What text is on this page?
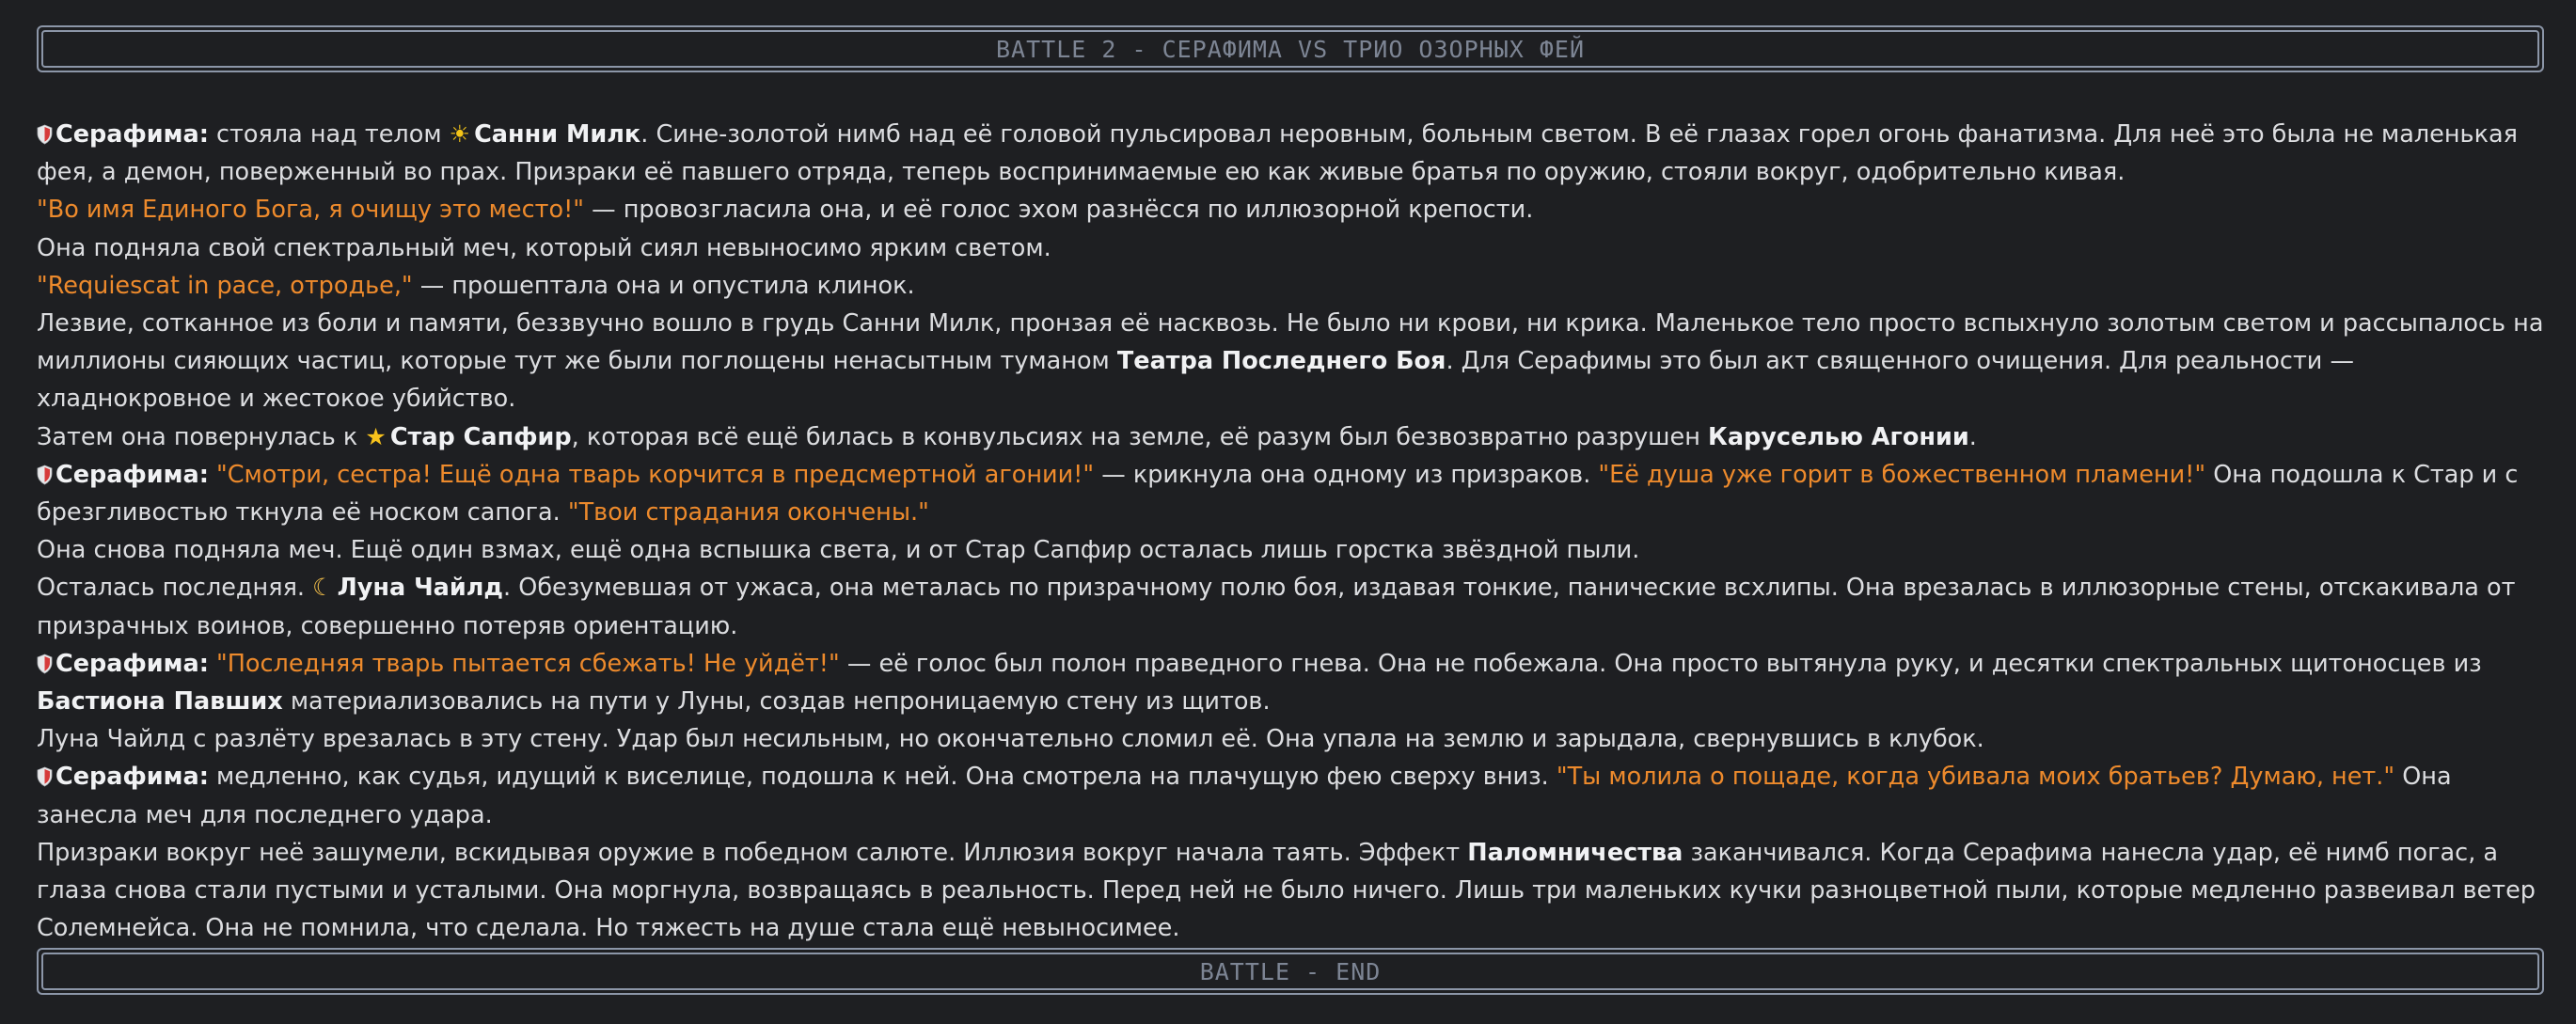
BATTLE 2 - СЕРАФИМА VS ТРИО ОЗОРНЫХ ФЕЙ
Серафима: стояла над телом ☀ Санни Милк. Сине-золотой нимб над её головой пульсировал неровным, больным светом. В её глазах горел огонь фанатизма. Для неё это была не маленькая фея, а демон, поверженный во прах. Призраки её павшего отряда, теперь воспринимаемые ею как живые братья по оружию, стояли вокруг, одобрительно кивая.
"Во имя Единого Бога, я очищу это место!" — провозгласила она, и её голос эхом разнёсся по иллюзорной крепости.
Она подняла свой спектральный меч, который сиял невыносимо ярким светом.
"Requiescat in pace, отродье," — прошептала она и опустила клинок.
Лезвие, сотканное из боли и памяти, беззвучно вошло в грудь Санни Милк, пронзая её насквозь. Не было ни крови, ни крика. Маленькое тело просто вспыхнуло золотым светом и рассыпалось на миллионы сияющих частиц, которые тут же были поглощены ненасытным туманом Театра Последнего Боя. Для Серафимы это был акт священного очищения. Для реальности — хладнокровное и жестокое убийство.
Затем она повернулась к ★ Стар Сапфир, которая всё ещё билась в конвульсиях на земле, её разум был безвозвратно разрушен Каруселью Агонии.
Серафима: "Смотри, сестра! Ещё одна тварь корчится в предсмертной агонии!" — крикнула она одному из призраков. "Её душа уже горит в божественном пламени!" Она подошла к Стар и с брезгливостью ткнула её носком сапога. "Твои страдания окончены."
Она снова подняла меч. Ещё один взмах, ещё одна вспышка света, и от Стар Сапфир осталась лишь горстка звёздной пыли.
Осталась последняя. ☾ Луна Чайлд. Обезумевшая от ужаса, она металась по призрачному полю боя, издавая тонкие, панические всхлипы. Она врезалась в иллюзорные стены, отскакивала от призрачных воинов, совершенно потеряв ориентацию.
Серафима: "Последняя тварь пытается сбежать! Не уйдёт!" — её голос был полон праведного гнева. Она не побежала. Она просто вытянула руку, и десятки спектральных щитоносцев из Бастиона Павших материализовались на пути у Луны, создав непроницаемую стену из щитов.
Луна Чайлд с разлёту врезалась в эту стену. Удар был несильным, но окончательно сломил её. Она упала на землю и зарыдала, свернувшись в клубок.
Серафима: медленно, как судья, идущий к виселице, подошла к ней. Она смотрела на плачущую фею сверху вниз. "Ты молила о пощаде, когда убивала моих братьев? Думаю, нет." Она занесла меч для последнего удара.
Призраки вокруг неё зашумели, вскидывая оружие в победном салюте. Иллюзия вокруг начала таять. Эффект Паломничества заканчивался. Когда Серафима нанесла удар, её нимб погас, а глаза снова стали пустыми и усталыми. Она моргнула, возвращаясь в реальность. Перед ней не было ничего. Лишь три маленьких кучки разноцветной пыли, которые медленно развеивал ветер Солемнейса. Она не помнила, что сделала. Но тяжесть на душе стала ещё невыносимее.
BATTLE - END
